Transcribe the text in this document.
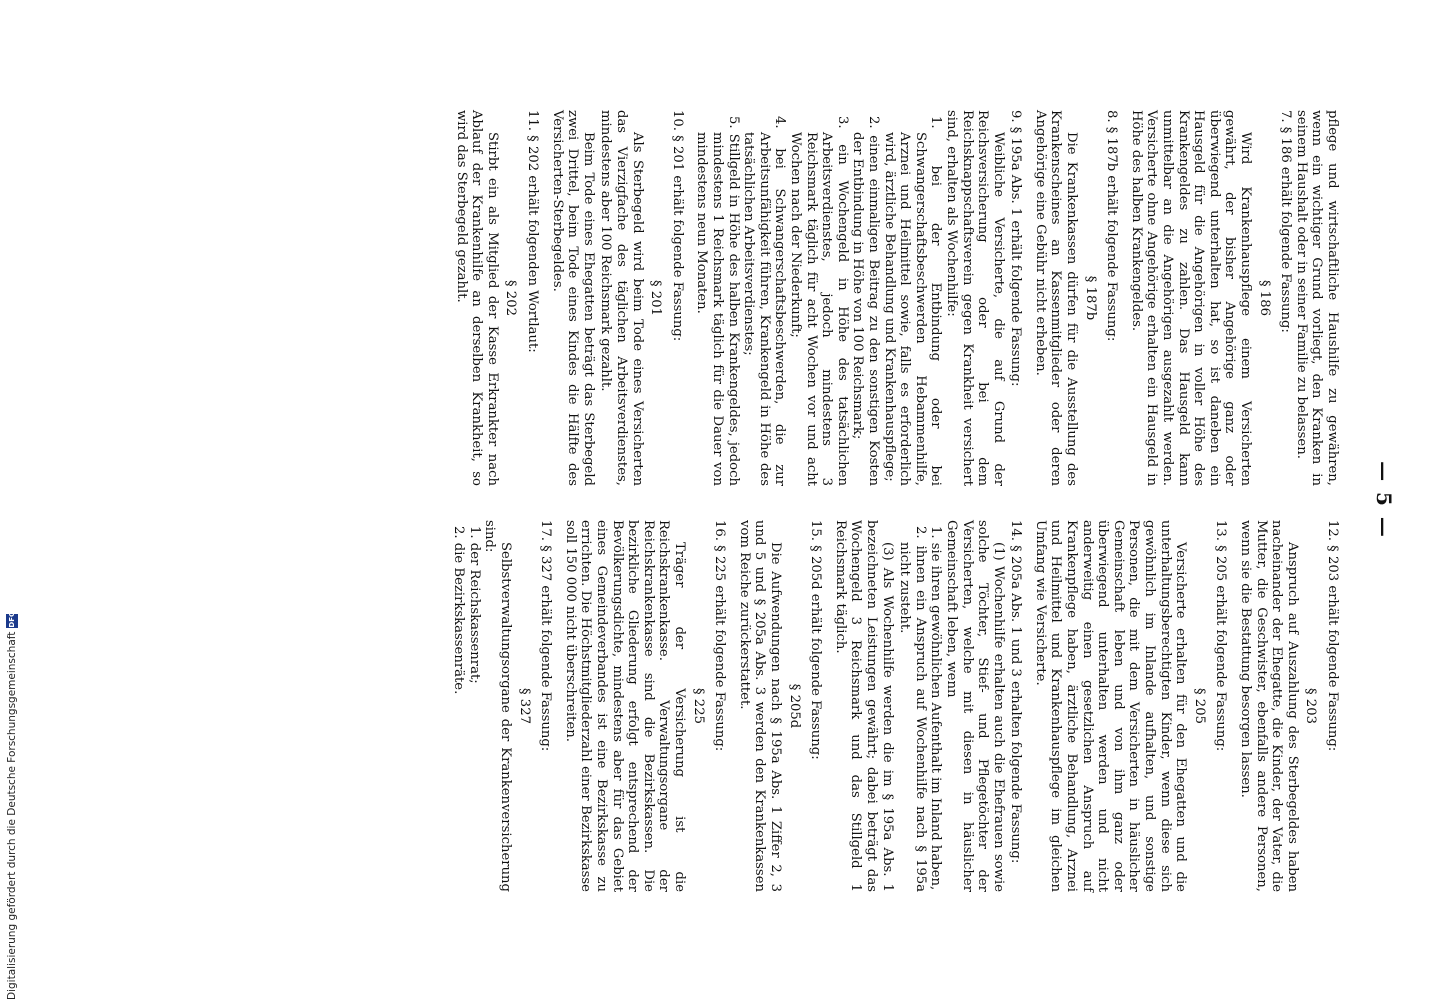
— 5 —
pflege und wirtschaftliche Haushilfe zu gewähren, wenn ein wichtiger Grund vorliegt, den Kranken in seinem Haushalt oder in seiner Familie zu belassen.
7. § 186 erhält folgende Fassung:
§ 186
Wird Krankenhauspflege einem Versicherten gewährt, der bisher Angehörige ganz oder überwiegend unterhalten hat, so ist daneben ein Hausgeld für die Angehörigen in voller Höhe des Krankengeldes zu zahlen. Das Hausgeld kann unmittelbar an die Angehörigen ausgezahlt werden. Versicherte ohne Angehörige erhalten ein Hausgeld in Höhe des halben Krankengeldes.
8. § 187b erhält folgende Fassung:
§ 187b
Die Krankenkassen dürfen für die Ausstellung des Krankenscheines an Kassenmitglieder oder deren Angehörige eine Gebühr nicht erheben.
9. § 195a Abs. 1 erhält folgende Fassung:
Weibliche Versicherte, die auf Grund der Reichsversicherung oder bei dem Reichsknappschaftsverein gegen Krankheit versichert sind, erhalten als Wochenhilfe:
1. bei der Entbindung oder bei Schwangerschaftsbeschwerden Hebammenhilfe, Arznei und Heilmittel sowie, falls es erforderlich wird, ärztliche Behandlung und Krankenhauspflege;
2. einen einmaligen Beitrag zu den sonstigen Kosten der Entbindung in Höhe von 100 Reichsmark;
3. ein Wochengeld in Höhe des tatsächlichen Arbeitsverdienstes, jedoch mindestens 3 Reichsmark täglich für acht Wochen vor und acht Wochen nach der Niederkunft;
4. bei Schwangerschaftsbeschwerden, die zur Arbeitsunfähigkeit führen, Krankengeld in Höhe des tatsächlichen Arbeitsverdienstes;
5. Stillgeld in Höhe des halben Krankengeldes, jedoch mindestens 1 Reichsmark täglich für die Dauer von mindestens neun Monaten.
10. § 201 erhält folgende Fassung:
§ 201
Als Sterbegeld wird beim Tode eines Versicherten das Vierzigfache des täglichen Arbeitsverdienstes, mindestens aber 100 Reichsmark gezahlt.
Beim Tode eines Ehegatten beträgt das Sterbegeld zwei Drittel, beim Tode eines Kindes die Hälfte des Versicherten-Sterbegeldes.
11. § 202 erhält folgenden Wortlaut:
§ 202
Stirbt ein als Mitglied der Kasse Erkrankter nach Ablauf der Krankenhilfe an derselben Krankheit, so wird das Sterbegeld gezahlt.
12. § 203 erhält folgende Fassung:
§ 203
Anspruch auf Auszahlung des Sterbegeldes haben nacheinander der Ehegatte, die Kinder, der Vater, die Mutter, die Geschwister, ebenfalls andere Personen, wenn sie die Bestattung besorgen lassen.
13. § 205 erhält folgende Fassung:
§ 205
Versicherte erhalten für den Ehegatten und die unterhaltungsberechtigten Kinder, wenn diese sich gewöhnlich im Inlande aufhalten, und sonstige Personen, die mit dem Versicherten in häuslicher Gemeinschaft leben und von ihm ganz oder überwiegend unterhalten werden und nicht anderweitig einen gesetzlichen Anspruch auf Krankenpflege haben, ärztliche Behandlung, Arznei und Heilmittel und Krankenhauspflege im gleichen Umfang wie Versicherte.
14. § 205a Abs. 1 und 3 erhalten folgende Fassung:
(1) Wochenhilfe erhalten auch die Ehefrauen sowie solche Töchter, Stief- und Pflegetöchter der Versicherten, welche mit diesen in häuslicher Gemeinschaft leben, wenn
1. sie ihren gewöhnlichen Aufenthalt im Inland haben,
2. ihnen ein Anspruch auf Wochenhilfe nach § 195a nicht zusteht.
(3) Als Wochenhilfe werden die im § 195a Abs. 1 bezeichneten Leistungen gewährt; dabei beträgt das Wochengeld 3 Reichsmark und das Stillgeld 1 Reichsmark täglich.
15. § 205d erhält folgende Fassung:
§ 205d
Die Aufwendungen nach § 195a Abs. 1 Ziffer 2, 3 und 5 und § 205a Abs. 3 werden den Krankenkassen vom Reiche zurückerstattet.
16. § 225 erhält folgende Fassung:
§ 225
Träger der Versicherung ist die Reichskrankenkasse. Verwaltungsorgane der Reichskrankenkasse sind die Bezirkskassen. Die bezirkliche Gliederung erfolgt entsprechend der Bevölkerungsdichte, mindestens aber für das Gebiet eines Gemeindeverbandes ist eine Bezirkskasse zu errichten. Die Höchstmitgliederzahl einer Bezirkskasse soll 150 000 nicht überschreiten.
17. § 327 erhält folgende Fassung:
§ 327
Selbstverwaltungsorgane der Krankenversicherung sind:
1. der Reichskassenrat;
2. die Bezirkskassenräte.
Digitalisierung gefördert durch die Deutsche Forschungsgemeinschaft
DFG
